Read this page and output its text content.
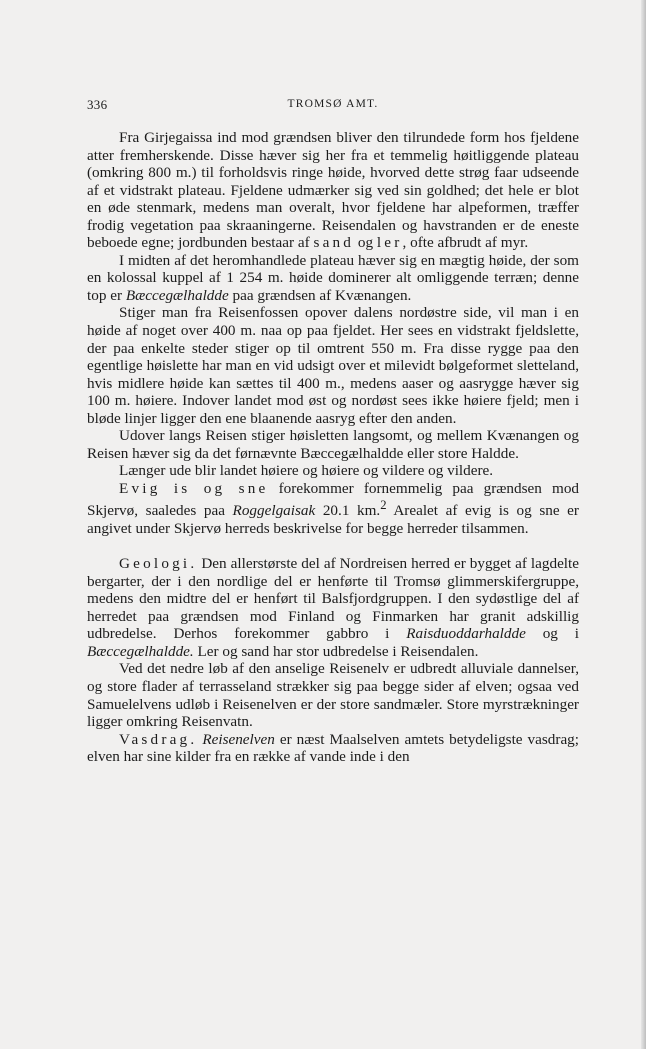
336	TROMSØ AMT.

Fra Girjegaissa ind mod grændsen bliver den tilrundede form hos fjeldene atter fremherskende. Disse hæver sig her fra et temmelig høitliggende plateau (omkring 800 m.) til forholdsvis ringe høide, hvorved dette strøg faar udseende af et vidstrakt plateau. Fjeldene udmærker sig ved sin goldhed; det hele er blot en øde stenmark, medens man overalt, hvor fjeldene har alpeformen, træffer frodig vegetation paa skraaningerne. Reisendalen og havstranden er de eneste beboede egne; jordbunden bestaar af sand og ler, ofte afbrudt af myr.

I midten af det heromhandlede plateau hæver sig en mægtig høide, der som en kolossal kuppel af 1 254 m. høide dominerer alt omliggende terræn; denne top er Bæccegælhaldde paa grændsen af Kvænangen.

Stiger man fra Reisenfossen opover dalens nordøstre side, vil man i en høide af noget over 400 m. naa op paa fjeldet. Her sees en vidstrakt fjeldslette, der paa enkelte steder stiger op til omtrent 550 m. Fra disse rygge paa den egentlige høislette har man en vid udsigt over et milevidt bølgeformet sletteland, hvis midlere høide kan sættes til 400 m., medens aaser og aasrygge hæver sig 100 m. høiere. Indover landet mod øst og nordøst sees ikke høiere fjeld; men i bløde linjer ligger den ene blaanende aasryg efter den anden.

Udover langs Reisen stiger høisletten langsomt, og mellem Kvænangen og Reisen hæver sig da det førnævnte Bæccegælhaldde eller store Haldde.

Længer ude blir landet høiere og høiere og vildere og vildere.

Evig is og sne forekommer fornemmelig paa grændsen mod Skjervø, saaledes paa Roggelgaisak 20.1 km.$^2$ Arealet af evig is og sne er angivet under Skjervø herreds beskrivelse for begge herreder tilsammen.

Geologi. Den allerstørste del af Nordreisen herred er bygget af lagdelte bergarter, der i den nordlige del er henførte til Tromsø glimmerskifergruppe, medens den midtre del er henført til Balsfjordgruppen. I den sydøstlige del af herredet paa grændsen mod Finland og Finmarken har granit adskillig udbredelse. Derhos forekommer gabbro i Raisduoddarhaldde og i Bæccegælhaldde. Ler og sand har stor udbredelse i Reisendalen.

Ved det nedre løb af den anselige Reisenelv er udbredt alluviale dannelser, og store flader af terrasseland strækker sig paa begge sider af elven; ogsaa ved Samuelelvens udløb i Reisenelven er der store sandmæler. Store myrstrækninger ligger omkring Reisenvatn.

Vasdrag. Reisenelven er næst Maalselven amtets betydeligste vasdrag; elven har sine kilder fra en række af vande inde i den
